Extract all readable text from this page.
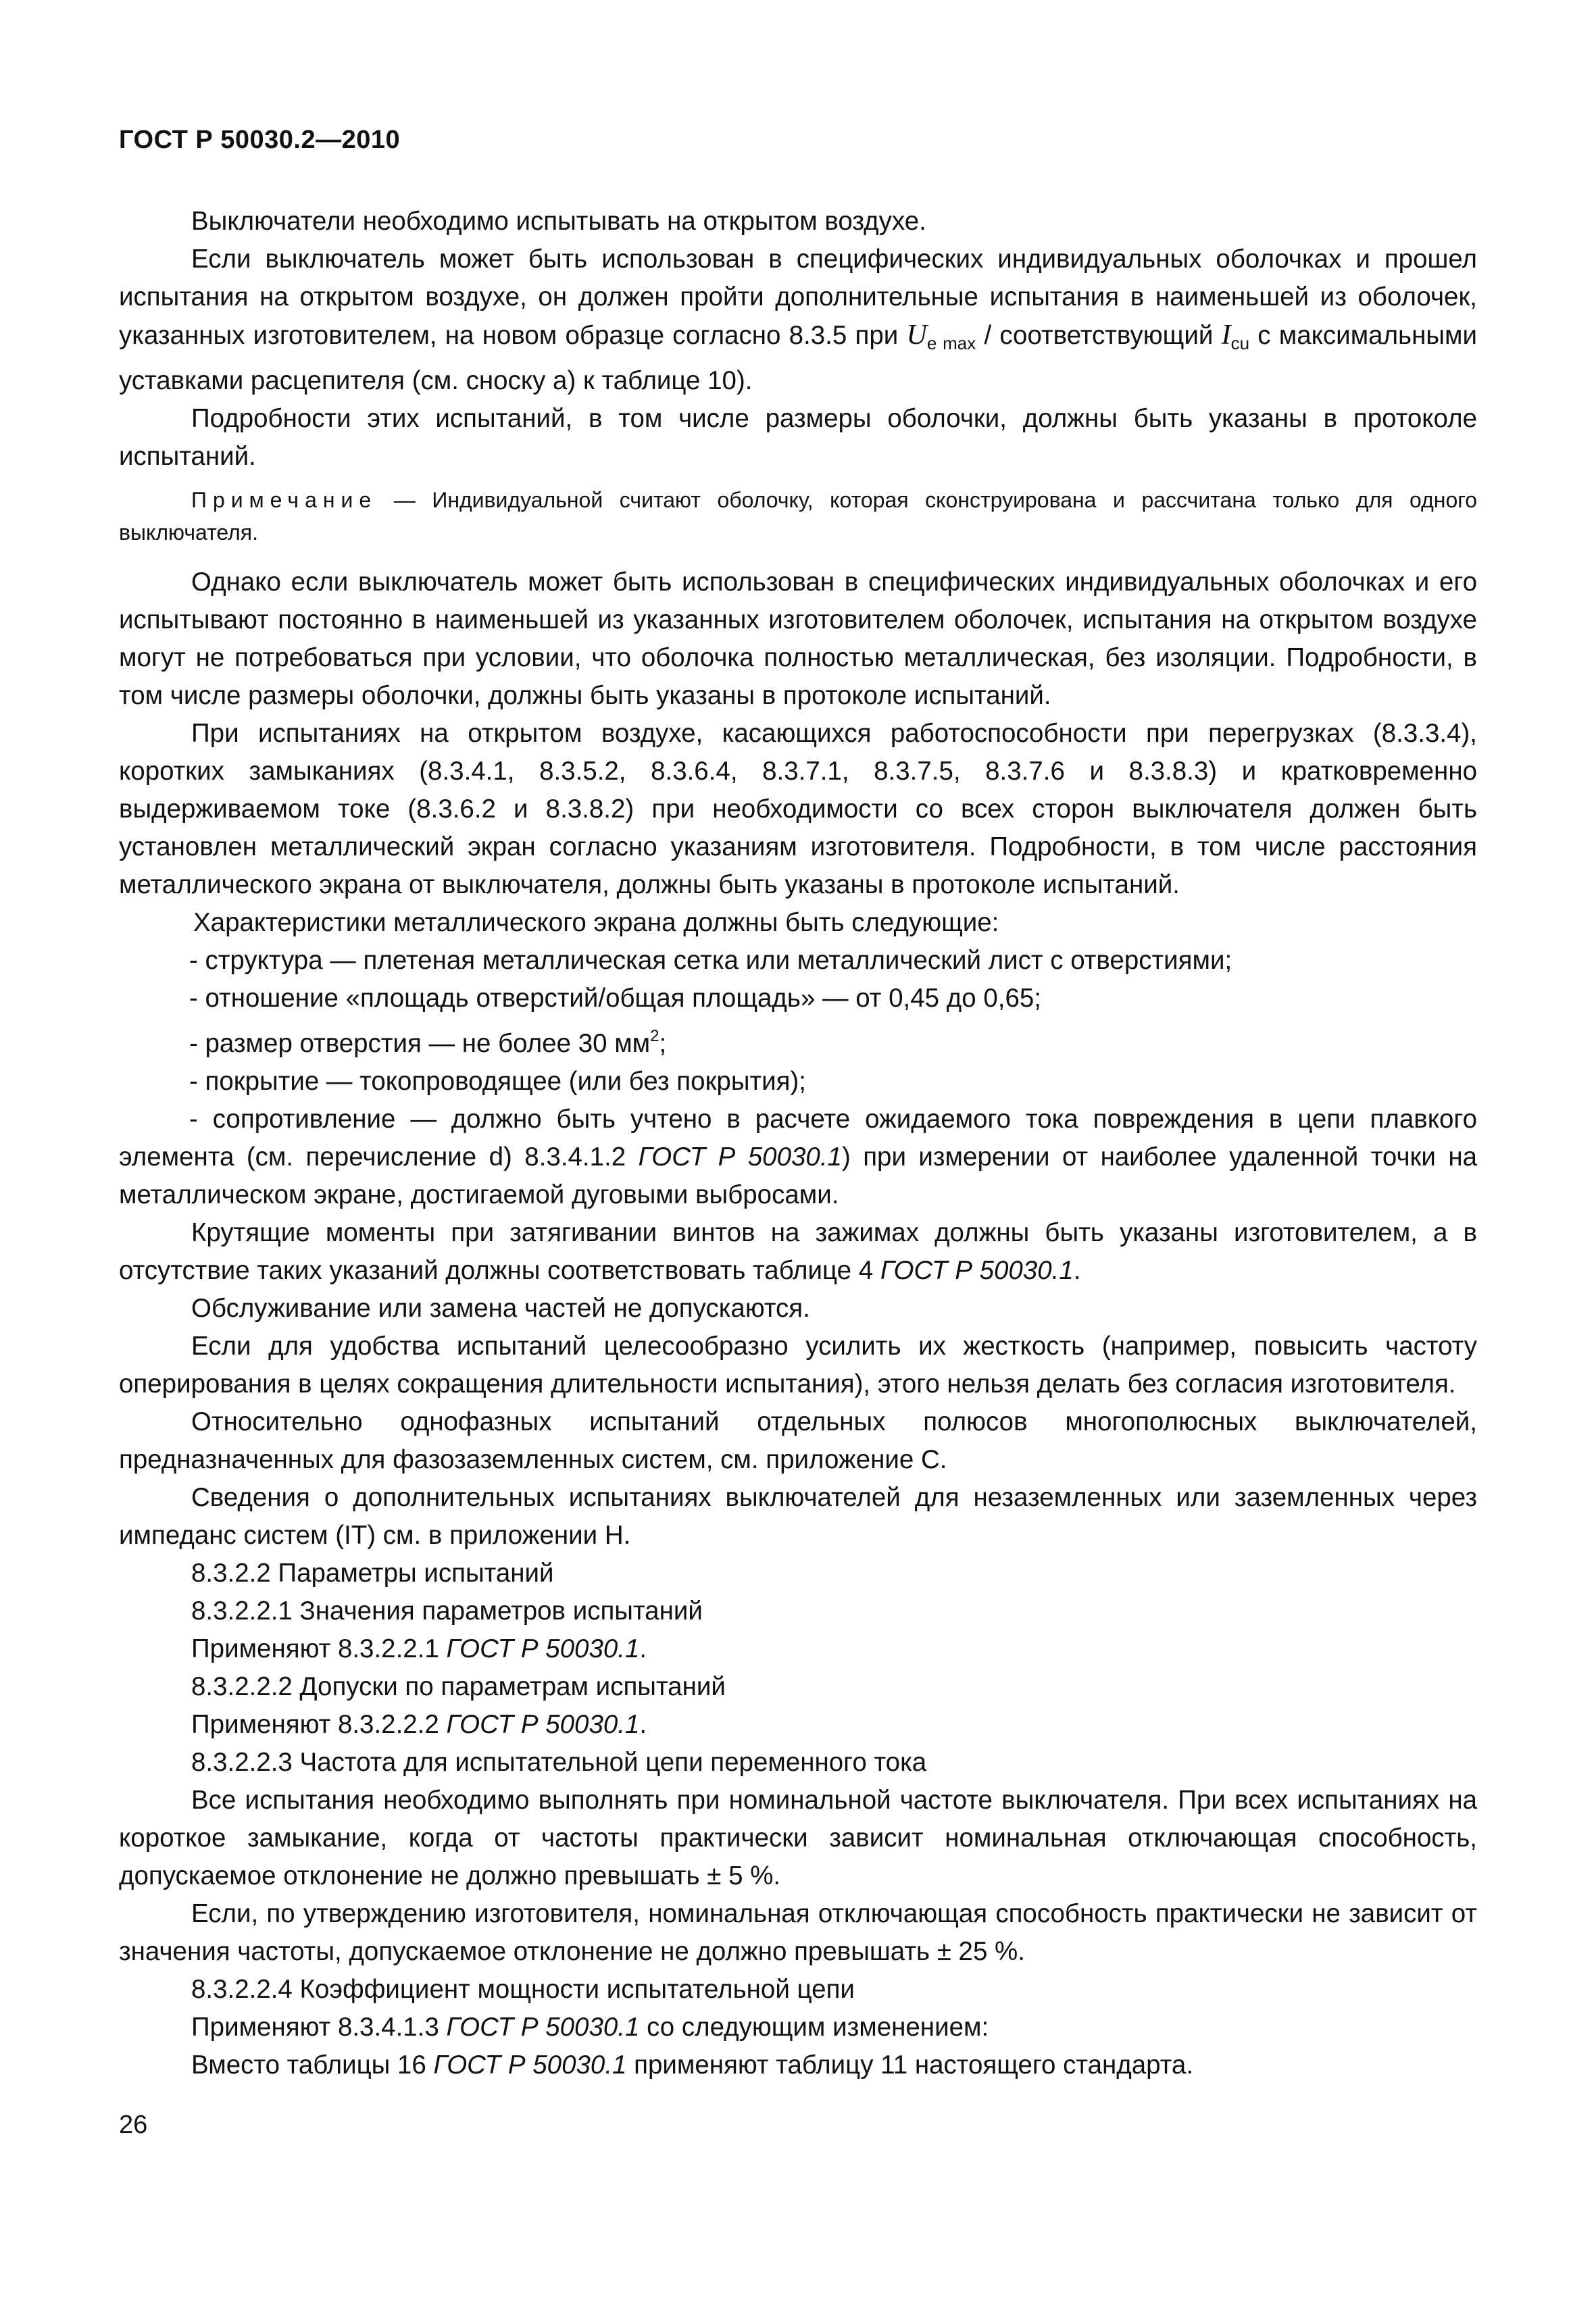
ГОСТ Р 50030.2—2010

Выключатели необходимо испытывать на открытом воздухе.

Если выключатель может быть использован в специфических индивидуальных оболочках и прошел испытания на открытом воздухе, он должен пройти дополнительные испытания в наименьшей из оболочек, указанных изготовителем, на новом образце согласно 8.3.5 при $U_{e max}$ / соответствующий $I_{cu}$ с максимальными уставками расцепителя (см. сноску а) к таблице 10).

Подробности этих испытаний, в том числе размеры оболочки, должны быть указаны в протоколе испытаний.

Примечание — Индивидуальной считают оболочку, которая сконструирована и рассчитана только для одного выключателя.

Однако если выключатель может быть использован в специфических индивидуальных оболочках и его испытывают постоянно в наименьшей из указанных изготовителем оболочек, испытания на открытом воздухе могут не потребоваться при условии, что оболочка полностью металлическая, без изоляции. Подробности, в том числе размеры оболочки, должны быть указаны в протоколе испытаний.

При испытаниях на открытом воздухе, касающихся работоспособности при перегрузках (8.3.3.4), коротких замыканиях (8.3.4.1, 8.3.5.2, 8.3.6.4, 8.3.7.1, 8.3.7.5, 8.3.7.6 и 8.3.8.3) и кратковременно выдерживаемом токе (8.3.6.2 и 8.3.8.2) при необходимости со всех сторон выключателя должен быть установлен металлический экран согласно указаниям изготовителя. Подробности, в том числе расстояния металлического экрана от выключателя, должны быть указаны в протоколе испытаний.

Характеристики металлического экрана должны быть следующие:

- структура — плетеная металлическая сетка или металлический лист с отверстиями;

- отношение «площадь отверстий/общая площадь» — от 0,45 до 0,65;

- размер отверстия — не более 30 $мм^2$;

- покрытие — токопроводящее (или без покрытия);

- сопротивление — должно быть учтено в расчете ожидаемого тока повреждения в цепи плавкого элемента (см. перечисление d) 8.3.4.1.2 ГОСТ Р 50030.1) при измерении от наиболее удаленной точки на металлическом экране, достигаемой дуговыми выбросами.

Крутящие моменты при затягивании винтов на зажимах должны быть указаны изготовителем, а в отсутствие таких указаний должны соответствовать таблице 4 ГОСТ Р 50030.1.

Обслуживание или замена частей не допускаются.

Если для удобства испытаний целесообразно усилить их жесткость (например, повысить частоту оперирования в целях сокращения длительности испытания), этого нельзя делать без согласия изготовителя.

Относительно однофазных испытаний отдельных полюсов многополюсных выключателей, предназначенных для фазозаземленных систем, см. приложение С.

Сведения о дополнительных испытаниях выключателей для незаземленных или заземленных через импеданс систем (IT) см. в приложении Н.

8.3.2.2 Параметры испытаний

8.3.2.2.1 Значения параметров испытаний

Применяют 8.3.2.2.1 ГОСТ Р 50030.1.

8.3.2.2.2 Допуски по параметрам испытаний

Применяют 8.3.2.2.2 ГОСТ Р 50030.1.

8.3.2.2.3 Частота для испытательной цепи переменного тока

Все испытания необходимо выполнять при номинальной частоте выключателя. При всех испытаниях на короткое замыкание, когда от частоты практически зависит номинальная отключающая способность, допускаемое отклонение не должно превышать ± 5 %.

Если, по утверждению изготовителя, номинальная отключающая способность практически не зависит от значения частоты, допускаемое отклонение не должно превышать ± 25 %.

8.3.2.2.4 Коэффициент мощности испытательной цепи

Применяют 8.3.4.1.3 ГОСТ Р 50030.1 со следующим изменением:

Вместо таблицы 16 ГОСТ Р 50030.1 применяют таблицу 11 настоящего стандарта.

26
